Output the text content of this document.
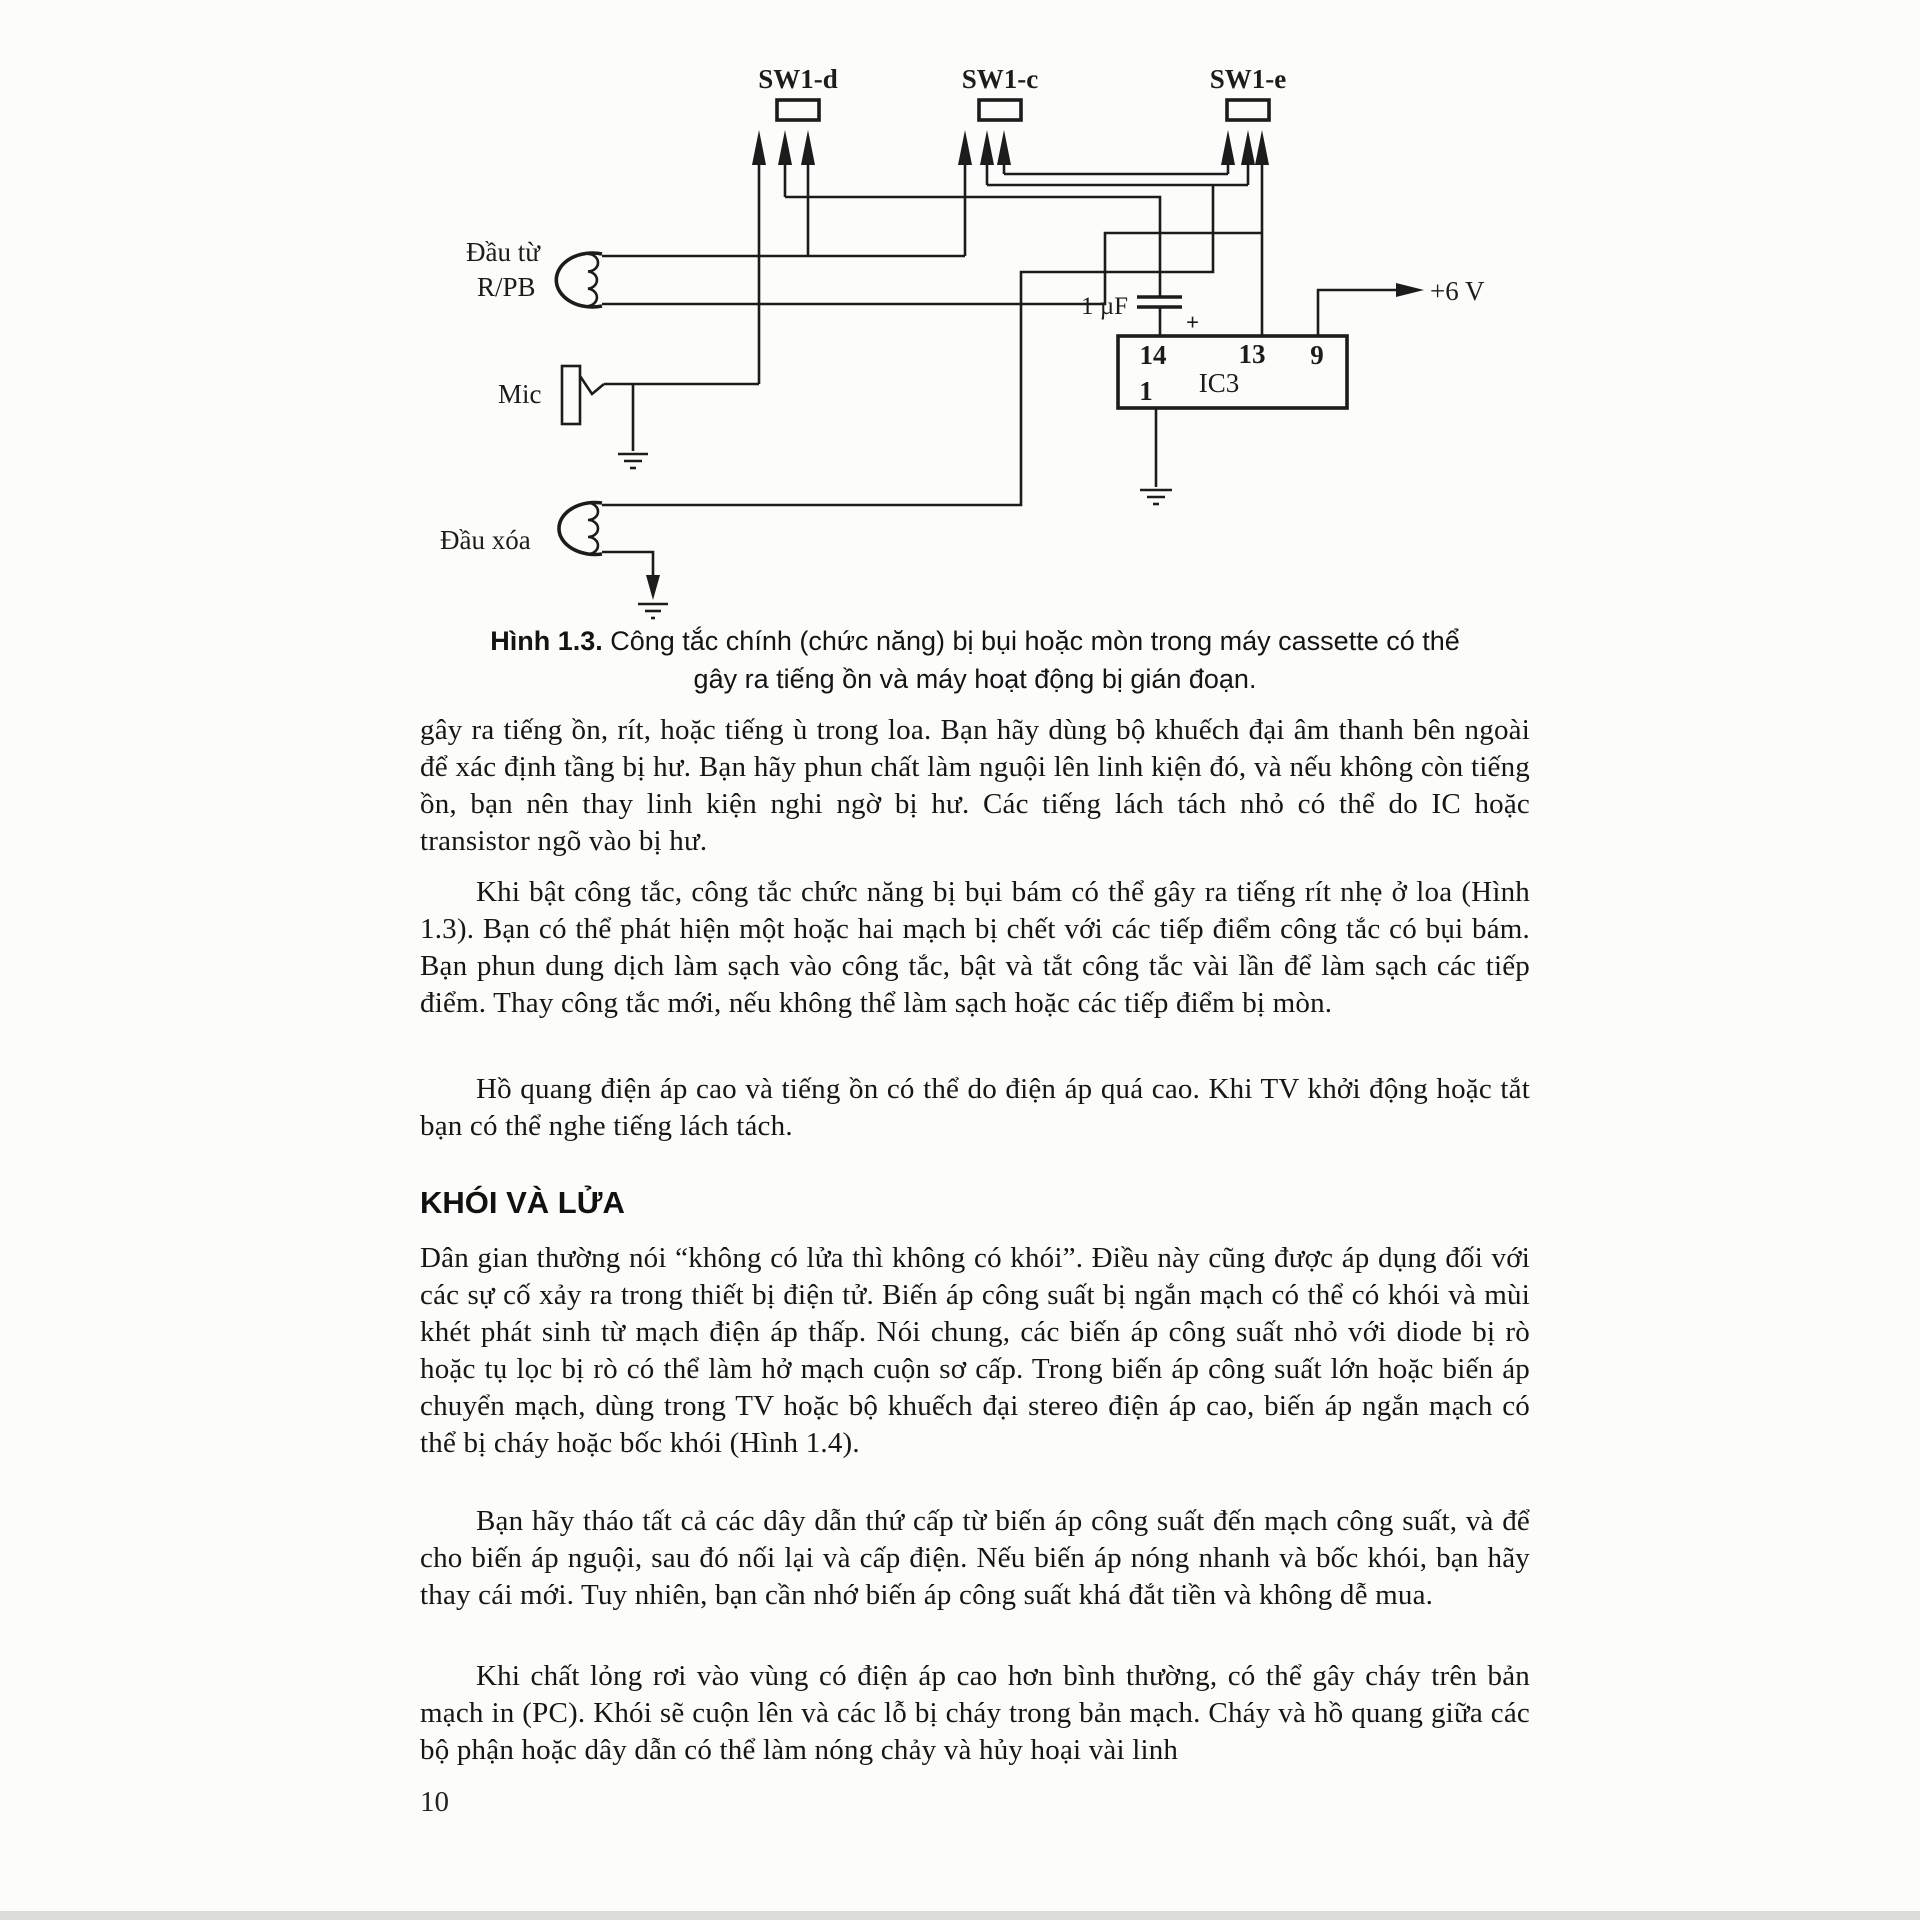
SW1-d	SW1-c	SW1-e
Đầu từ
R/PB
Mic
Đầu xóa
1 µF
+
14	13 9
1 IC3
+6 V
Hình 1.3. Công tắc chính (chức năng) bị bụi hoặc mòn trong máy cassette có thể
gây ra tiếng ồn và máy hoạt động bị gián đoạn.

gây ra tiếng ồn, rít, hoặc tiếng ù trong loa. Bạn hãy dùng bộ khuếch đại âm thanh bên ngoài để xác định tầng bị hư. Bạn hãy phun chất làm nguội lên linh kiện đó, và nếu không còn tiếng ồn, bạn nên thay linh kiện nghi ngờ bị hư. Các tiếng lách tách nhỏ có thể do IC hoặc transistor ngõ vào bị hư.

Khi bật công tắc, công tắc chức năng bị bụi bám có thể gây ra tiếng rít nhẹ ở loa (Hình 1.3). Bạn có thể phát hiện một hoặc hai mạch bị chết với các tiếp điểm công tắc có bụi bám. Bạn phun dung dịch làm sạch vào công tắc, bật và tắt công tắc vài lần để làm sạch các tiếp điểm. Thay công tắc mới, nếu không thể làm sạch hoặc các tiếp điểm bị mòn.

Hồ quang điện áp cao và tiếng ồn có thể do điện áp quá cao. Khi TV khởi động hoặc tắt bạn có thể nghe tiếng lách tách.

KHÓI VÀ LỬA

Dân gian thường nói “không có lửa thì không có khói”. Điều này cũng được áp dụng đối với các sự cố xảy ra trong thiết bị điện tử. Biến áp công suất bị ngắn mạch có thể có khói và mùi khét phát sinh từ mạch điện áp thấp. Nói chung, các biến áp công suất nhỏ với diode bị rò hoặc tụ lọc bị rò có thể làm hở mạch cuộn sơ cấp. Trong biến áp công suất lớn hoặc biến áp chuyển mạch, dùng trong TV hoặc bộ khuếch đại stereo điện áp cao, biến áp ngắn mạch có thể bị cháy hoặc bốc khói (Hình 1.4).

Bạn hãy tháo tất cả các dây dẫn thứ cấp từ biến áp công suất đến mạch công suất, và để cho biến áp nguội, sau đó nối lại và cấp điện. Nếu biến áp nóng nhanh và bốc khói, bạn hãy thay cái mới. Tuy nhiên, bạn cần nhớ biến áp công suất khá đắt tiền và không dễ mua.

Khi chất lỏng rơi vào vùng có điện áp cao hơn bình thường, có thể gây cháy trên bản mạch in (PC). Khói sẽ cuộn lên và các lỗ bị cháy trong bản mạch. Cháy và hồ quang giữa các bộ phận hoặc dây dẫn có thể làm nóng chảy và hủy hoại vài linh

10
